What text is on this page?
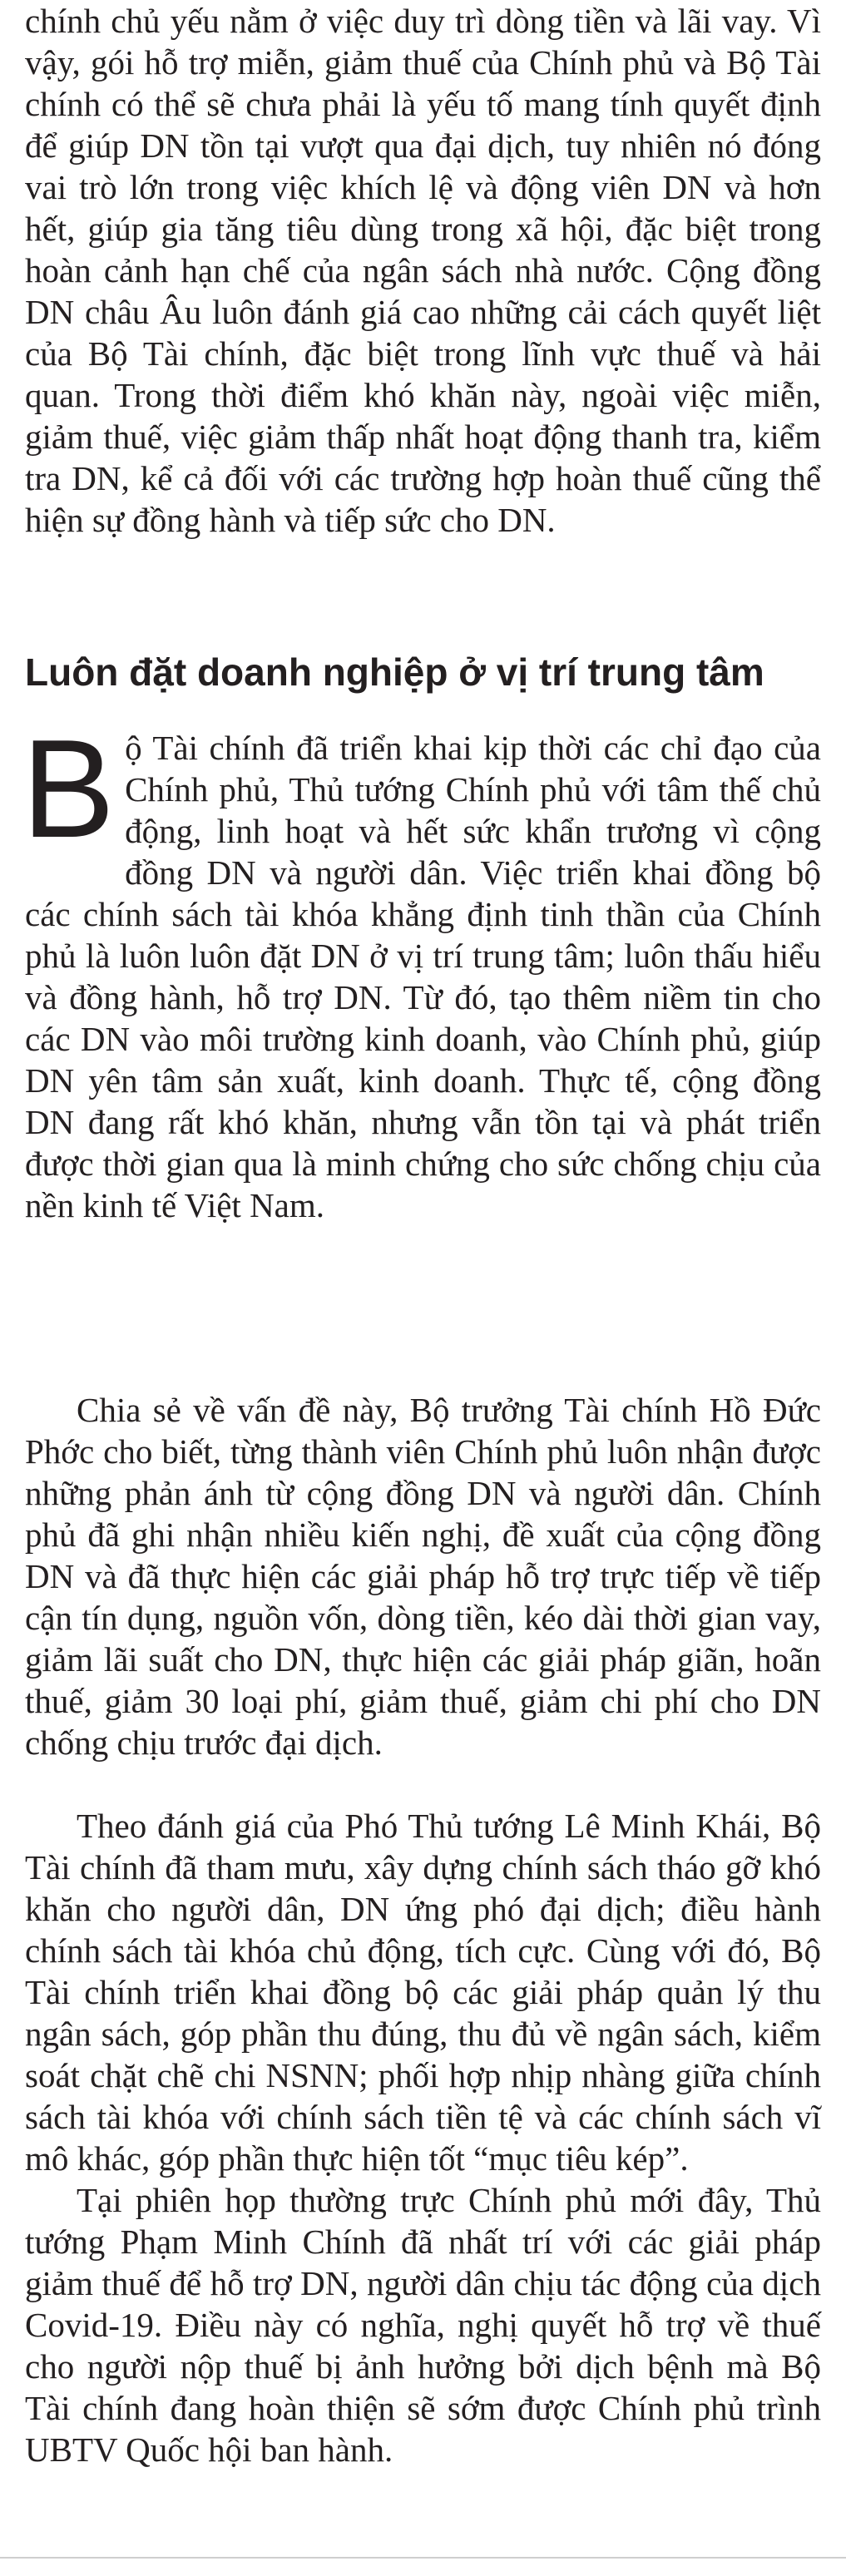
chính chủ yếu nằm ở việc duy trì dòng tiền và lãi vay. Vì vậy, gói hỗ trợ miễn, giảm thuế của Chính phủ và Bộ Tài chính có thể sẽ chưa phải là yếu tố mang tính quyết định để giúp DN tồn tại vượt qua đại dịch, tuy nhiên nó đóng vai trò lớn trong việc khích lệ và động viên DN và hơn hết, giúp gia tăng tiêu dùng trong xã hội, đặc biệt trong hoàn cảnh hạn chế của ngân sách nhà nước. Cộng đồng DN châu Âu luôn đánh giá cao những cải cách quyết liệt của Bộ Tài chính, đặc biệt trong lĩnh vực thuế và hải quan. Trong thời điểm khó khăn này, ngoài việc miễn, giảm thuế, việc giảm thấp nhất hoạt động thanh tra, kiểm tra DN, kể cả đối với các trường hợp hoàn thuế cũng thể hiện sự đồng hành và tiếp sức cho DN.

Luôn đặt doanh nghiệp ở vị trí trung tâm

Bộ Tài chính đã triển khai kịp thời các chỉ đạo của Chính phủ, Thủ tướng Chính phủ với tâm thế chủ động, linh hoạt và hết sức khẩn trương vì cộng đồng DN và người dân. Việc triển khai đồng bộ các chính sách tài khóa khẳng định tinh thần của Chính phủ là luôn luôn đặt DN ở vị trí trung tâm; luôn thấu hiểu và đồng hành, hỗ trợ DN. Từ đó, tạo thêm niềm tin cho các DN vào môi trường kinh doanh, vào Chính phủ, giúp DN yên tâm sản xuất, kinh doanh. Thực tế, cộng đồng DN đang rất khó khăn, nhưng vẫn tồn tại và phát triển được thời gian qua là minh chứng cho sức chống chịu của nền kinh tế Việt Nam.

Chia sẻ về vấn đề này, Bộ trưởng Tài chính Hồ Đức Phớc cho biết, từng thành viên Chính phủ luôn nhận được những phản ánh từ cộng đồng DN và người dân. Chính phủ đã ghi nhận nhiều kiến nghị, đề xuất của cộng đồng DN và đã thực hiện các giải pháp hỗ trợ trực tiếp về tiếp cận tín dụng, nguồn vốn, dòng tiền, kéo dài thời gian vay, giảm lãi suất cho DN, thực hiện các giải pháp giãn, hoãn thuế, giảm 30 loại phí, giảm thuế, giảm chi phí cho DN chống chịu trước đại dịch.

Theo đánh giá của Phó Thủ tướng Lê Minh Khái, Bộ Tài chính đã tham mưu, xây dựng chính sách tháo gỡ khó khăn cho người dân, DN ứng phó đại dịch; điều hành chính sách tài khóa chủ động, tích cực. Cùng với đó, Bộ Tài chính triển khai đồng bộ các giải pháp quản lý thu ngân sách, góp phần thu đúng, thu đủ về ngân sách, kiểm soát chặt chẽ chi NSNN; phối hợp nhịp nhàng giữa chính sách tài khóa với chính sách tiền tệ và các chính sách vĩ mô khác, góp phần thực hiện tốt “mục tiêu kép”.

Tại phiên họp thường trực Chính phủ mới đây, Thủ tướng Phạm Minh Chính đã nhất trí với các giải pháp giảm thuế để hỗ trợ DN, người dân chịu tác động của dịch Covid-19. Điều này có nghĩa, nghị quyết hỗ trợ về thuế cho người nộp thuế bị ảnh hưởng bởi dịch bệnh mà Bộ Tài chính đang hoàn thiện sẽ sớm được Chính phủ trình UBTV Quốc hội ban hành.
